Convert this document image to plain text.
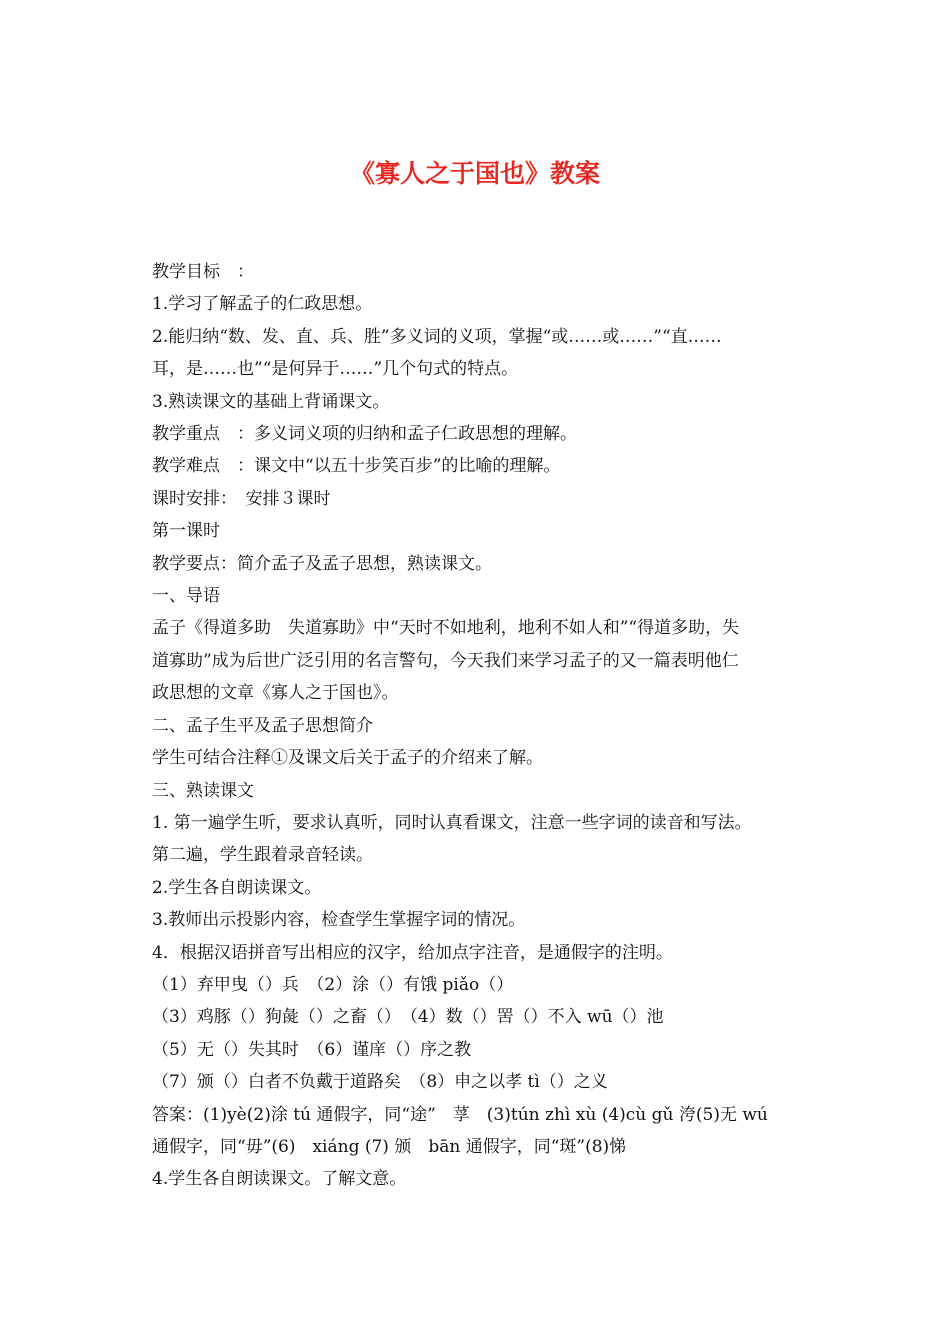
《寡人之于国也》教案

教学目标　：

1.学习了解孟子的仁政思想。

2.能归纳“数、发、直、兵、胜”多义词的义项，掌握“或……或……”“直……

耳，是……也”“是何异于……”几个句式的特点。

3.熟读课文的基础上背诵课文。

教学重点　：多义词义项的归纳和孟子仁政思想的理解。

教学难点　：课文中“以五十步笑百步”的比喻的理解。

课时安排：　安排３课时

第一课时

教学要点：简介孟子及孟子思想，熟读课文。

一、导语

孟子《得道多助　失道寡助》中“天时不如地利，地利不如人和”“得道多助，失

道寡助”成为后世广泛引用的名言警句，今天我们来学习孟子的又一篇表明他仁

政思想的文章《寡人之于国也》。

二、孟子生平及孟子思想简介

学生可结合注释①及课文后关于孟子的介绍来了解。

三、熟读课文

1. 第一遍学生听，要求认真听，同时认真看课文，注意一些字词的读音和写法。

第二遍，学生跟着录音轻读。

2.学生各自朗读课文。

3.教师出示投影内容，检查学生掌握字词的情况。

4．根据汉语拼音写出相应的汉字，给加点字注音，是通假字的注明。

（1）弃甲曳（）兵　（2）涂（）有饿 piǎo（）

（3）鸡豚（）狗彘（）之畜（）　（4）数（）罟（）不入 wū（）池

（5）无（）失其时　（6）谨庠（）序之教

（7）颁（）白者不负戴于道路矣　（8）申之以孝 tì（）之义

答案：(1)yè(2)涂 tú 通假字，同“途”　莩　(3)tún zhì xù (4)cù gǔ 洿(5)无 wú

通假字，同“毋”(6)　xiáng (7) 颁　bān 通假字，同“斑”(8)悌

4.学生各自朗读课文。了解文意。
